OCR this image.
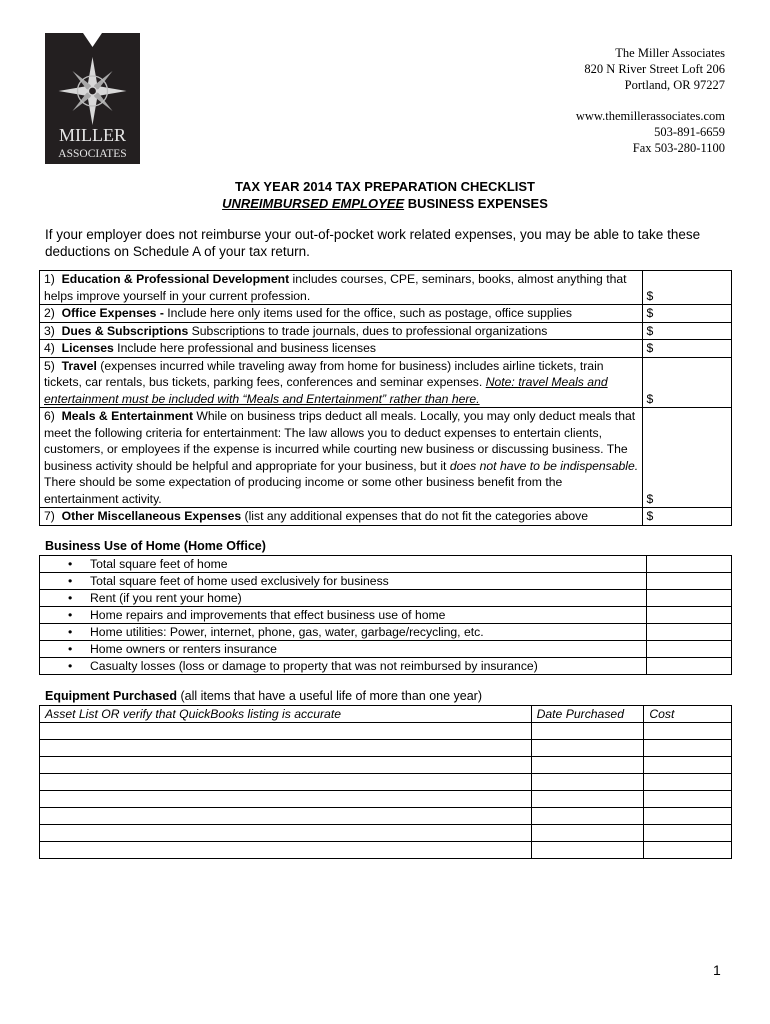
MILLER
ASSOCIATES
The Miller Associates
820 N River Street Loft 206
Portland, OR 97227
www.themillerassociates.com
503-891-6659
Fax 503-280-1100
TAX YEAR 2014 TAX PREPARATION CHECKLIST
UNREIMBURSED EMPLOYEE BUSINESS EXPENSES
If your employer does not reimburse your out-of-pocket work related expenses, you may be able to take these deductions on Schedule A of your tax return.
1) Education & Professional Development includes courses, CPE, seminars, books, almost anything that helps improve yourself in your current profession.	$
2) Office Expenses - Include here only items used for the office, such as postage, office supplies	$
3) Dues & Subscriptions Subscriptions to trade journals, dues to professional organizations	$
4) Licenses Include here professional and business licenses	$
5) Travel (expenses incurred while traveling away from home for business) includes airline tickets, train tickets, car rentals, bus tickets, parking fees, conferences and seminar expenses. Note: travel Meals and entertainment must be included with “Meals and Entertainment” rather than here.	$
6) Meals & Entertainment While on business trips deduct all meals. Locally, you may only deduct meals that meet the following criteria for entertainment: The law allows you to deduct expenses to entertain clients, customers, or employees if the expense is incurred while courting new business or discussing business. The business activity should be helpful and appropriate for your business, but it does not have to be indispensable. There should be some expectation of producing income or some other business benefit from the entertainment activity.	$
7) Other Miscellaneous Expenses (list any additional expenses that do not fit the categories above	$
Business Use of Home (Home Office)
• Total square feet of home	
• Total square feet of home used exclusively for business	
• Rent (if you rent your home)	
• Home repairs and improvements that effect business use of home	
• Home utilities: Power, internet, phone, gas, water, garbage/recycling, etc.	
• Home owners or renters insurance	
• Casualty losses (loss or damage to property that was not reimbursed by insurance)	
Equipment Purchased (all items that have a useful life of more than one year)
Asset List OR verify that QuickBooks listing is accurate	Date Purchased	Cost

1
